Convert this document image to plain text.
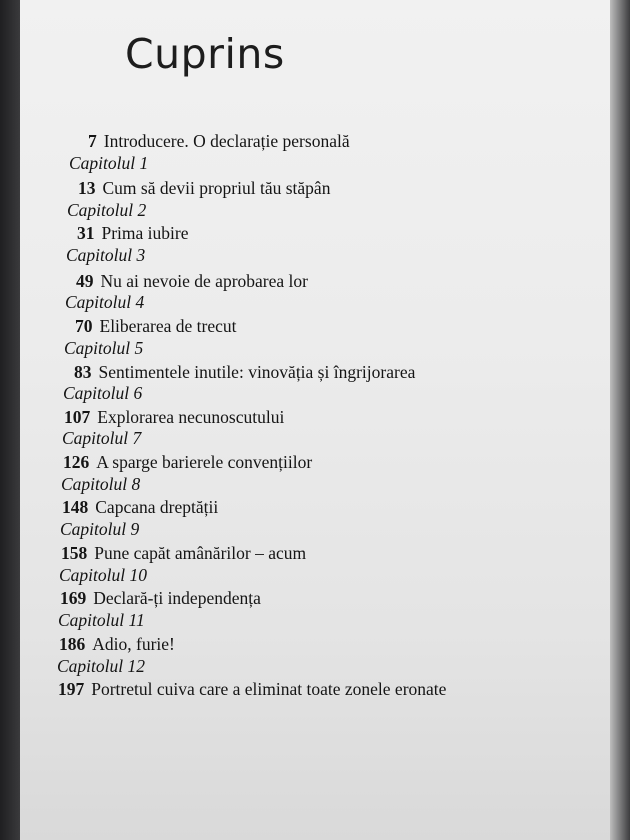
Cuprins
7 Introducere. O declarație personală
Capitolul 1
13 Cum să devii propriul tău stăpân
Capitolul 2
31 Prima iubire
Capitolul 3
49 Nu ai nevoie de aprobarea lor
Capitolul 4
70 Eliberarea de trecut
Capitolul 5
83 Sentimentele inutile: vinovăția și îngrijorarea
Capitolul 6
107 Explorarea necunoscutului
Capitolul 7
126 A sparge barierele convențiilor
Capitolul 8
148 Capcana dreptății
Capitolul 9
158 Pune capăt amânărilor – acum
Capitolul 10
169 Declară-ți independența
Capitolul 11
186 Adio, furie!
Capitolul 12
197 Portretul cuiva care a eliminat toate zonele eronate
